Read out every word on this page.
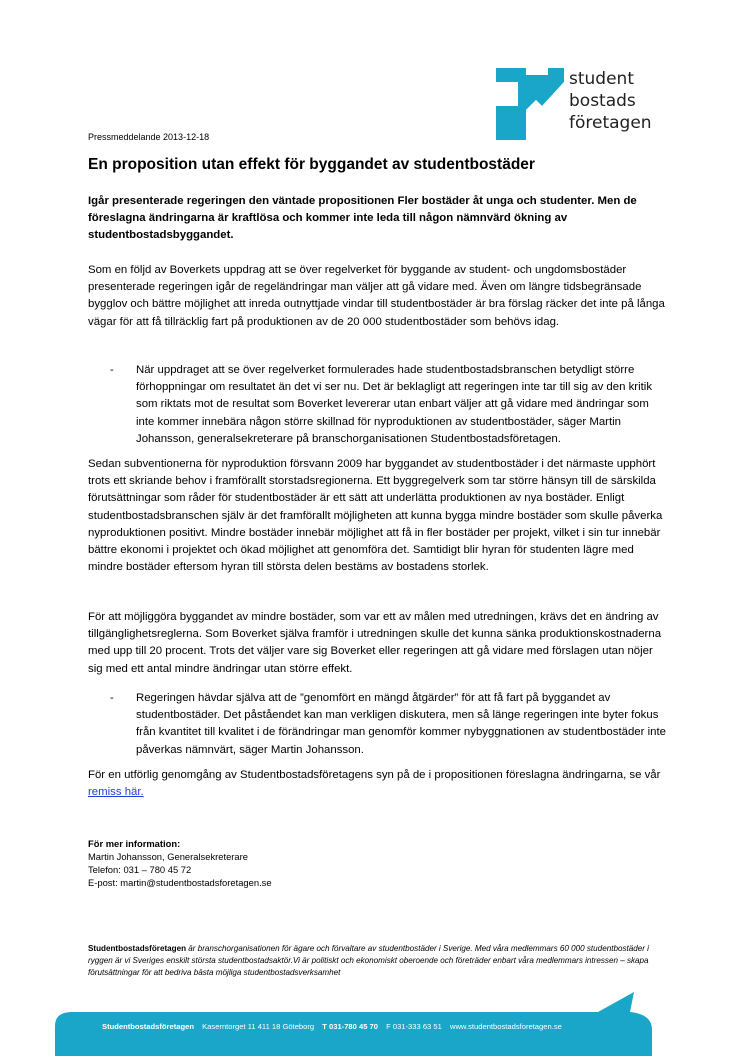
student
bostads
företagen
Pressmeddelande 2013-12-18
En proposition utan effekt för byggandet av studentbostäder

Igår presenterade regeringen den väntade propositionen Fler bostäder åt unga och studenter. Men de föreslagna ändringarna är kraftlösa och kommer inte leda till någon nämnvärd ökning av studentbostadsbyggandet.

Som en följd av Boverkets uppdrag att se över regelverket för byggande av student- och ungdomsbostäder presenterade regeringen igår de regeländringar man väljer att gå vidare med. Även om längre tidsbegränsade bygglov och bättre möjlighet att inreda outnyttjade vindar till studentbostäder är bra förslag räcker det inte på långa vägar för att få tillräcklig fart på produktionen av de 20 000 studentbostäder som behövs idag.

-	När uppdraget att se över regelverket formulerades hade studentbostadsbranschen betydligt större förhoppningar om resultatet än det vi ser nu. Det är beklagligt att regeringen inte tar till sig av den kritik som riktats mot de resultat som Boverket levererar utan enbart väljer att gå vidare med ändringar som inte kommer innebära någon större skillnad för nyproduktionen av studentbostäder, säger Martin Johansson, generalsekreterare på branschorganisationen Studentbostadsföretagen.

Sedan subventionerna för nyproduktion försvann 2009 har byggandet av studentbostäder i det närmaste upphört trots ett skriande behov i framförallt storstadsregionerna. Ett byggregelverk som tar större hänsyn till de särskilda förutsättningar som råder för studentbostäder är ett sätt att underlätta produktionen av nya bostäder. Enligt studentbostadsbranschen själv är det framförallt möjligheten att kunna bygga mindre bostäder som skulle påverka nyproduktionen positivt. Mindre bostäder innebär möjlighet att få in fler bostäder per projekt, vilket i sin tur innebär bättre ekonomi i projektet och ökad möjlighet att genomföra det. Samtidigt blir hyran för studenten lägre med mindre bostäder eftersom hyran till största delen bestäms av bostadens storlek.

För att möjliggöra byggandet av mindre bostäder, som var ett av målen med utredningen, krävs det en ändring av tillgänglighetsreglerna. Som Boverket själva framför i utredningen skulle det kunna sänka produktionskostnaderna med upp till 20 procent. Trots det väljer vare sig Boverket eller regeringen att gå vidare med förslagen utan nöjer sig med ett antal mindre ändringar utan större effekt.

-	Regeringen hävdar själva att de ”genomfört en mängd åtgärder” för att få fart på byggandet av studentbostäder. Det påståendet kan man verkligen diskutera, men så länge regeringen inte byter fokus från kvantitet till kvalitet i de förändringar man genomför kommer nybyggnationen av studentbostäder inte påverkas nämnvärt, säger Martin Johansson.

För en utförlig genomgång av Studentbostadsföretagens syn på de i propositionen föreslagna ändringarna, se vår remiss här.

För mer information:
Martin Johansson, Generalsekreterare
Telefon: 031 – 780 45 72
E-post: martin@studentbostadsforetagen.se
Studentbostadsföretagen är branschorganisationen för ägare och förvaltare av studentbostäder i Sverige. Med våra medlemmars 60 000 studentbostäder i ryggen är vi Sveriges enskilt största studentbostadsaktör.Vi är politiskt och ekonomiskt oberoende och företräder enbart våra medlemmars intressen – skapa förutsättningar för att bedriva bästa möjliga studentbostadsverksamhet
Studentbostadsföretagen Kaserntorget 11 411 18 Göteborg T 031-780 45 70 F 031-333 63 51 www.studentbostadsforetagen.se
